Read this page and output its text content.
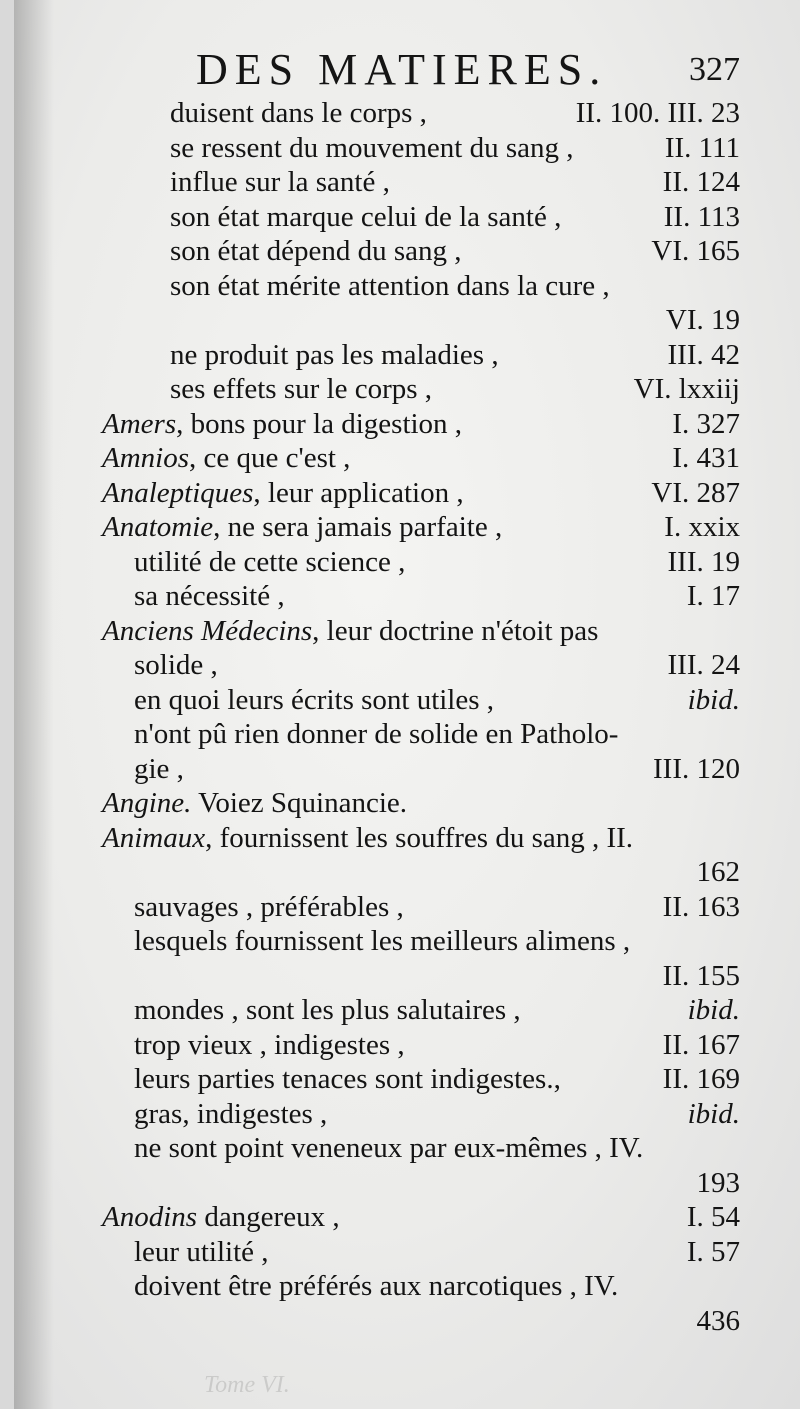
DES MATIERES. 327
duisent dans le corps ,	II. 100. III. 23
se ressent du mouvement du sang ,	II. 111
influe sur la santé ,	II. 124
son état marque celui de la santé ,	II. 113
son état dépend du sang ,	VI. 165
son état mérite attention dans la cure ,
VI. 19
ne produit pas les maladies ,	III. 42
ses effets sur le corps ,	VI. lxxiij
Amers, bons pour la digestion ,	I. 327
Amnios, ce que c'est ,	I. 431
Analeptiques, leur application ,	VI. 287
Anatomie, ne sera jamais parfaite ,	I. xxix
utilité de cette science ,	III. 19
sa nécessité ,	I. 17
Anciens Médecins, leur doctrine n'étoit pas
solide ,	III. 24
en quoi leurs écrits sont utiles ,	ibid.
n'ont pû rien donner de solide en Patholo-
gie ,	III. 120
Angine. Voiez Squinancie.
Animaux, fournissent les souffres du sang , II.
162
sauvages , préférables ,	II. 163
lesquels fournissent les meilleurs alimens ,
II. 155
mondes , sont les plus salutaires ,	ibid.
trop vieux , indigestes ,	II. 167
leurs parties tenaces sont indigestes.,	II. 169
gras, indigestes ,	ibid.
ne sont point veneneux par eux-mêmes , IV.
193
Anodins dangereux ,	I. 54
leur utilité ,	I. 57
doivent être préférés aux narcotiques , IV.
436
Tome VI.
